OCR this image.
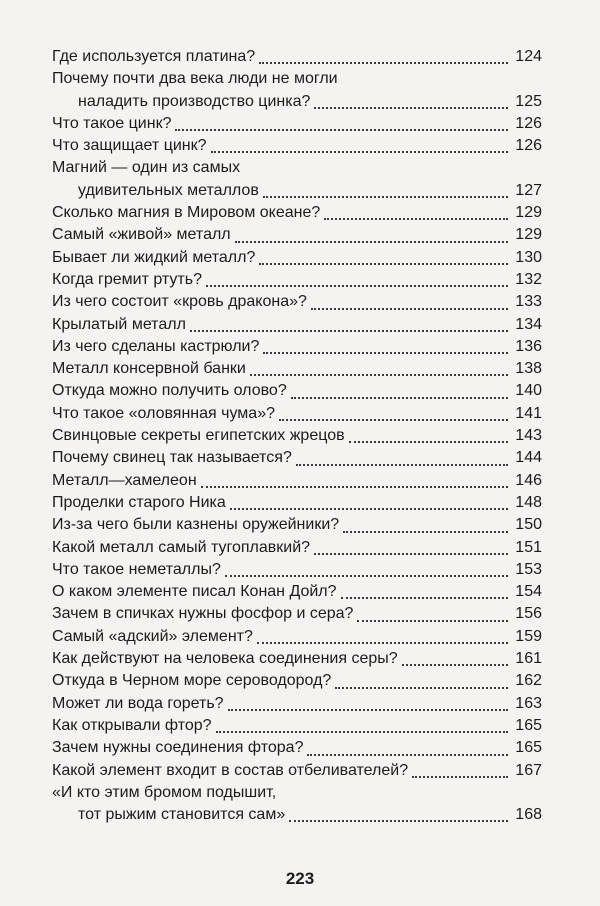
Где используется платина?	124
Почему почти два века люди не могли
наладить производство цинка?	125
Что такое цинк?	126
Что защищает цинк?	126
Магний — один из самых
удивительных металлов	127
Сколько магния в Мировом океане?	129
Самый «живой» металл	129
Бывает ли жидкий металл?	130
Когда гремит ртуть?	132
Из чего состоит «кровь дракона»?	133
Крылатый металл	134
Из чего сделаны кастрюли?	136
Металл консервной банки	138
Откуда можно получить олово?	140
Что такое «оловянная чума»?	141
Свинцовые секреты египетских жрецов	143
Почему свинец так называется?	144
Металл—хамелеон	146
Проделки старого Ника	148
Из-за чего были казнены оружейники?	150
Какой металл самый тугоплавкий?	151
Что такое неметаллы?	153
О каком элементе писал Конан Дойл?	154
Зачем в спичках нужны фосфор и сера?	156
Самый «адский» элемент?	159
Как действуют на человека соединения серы?	161
Откуда в Черном море сероводород?	162
Может ли вода гореть?	163
Как открывали фтор?	165
Зачем нужны соединения фтора?	165
Какой элемент входит в состав отбеливателей?	167
«И кто этим бромом подышит,
тот рыжим становится сам»	168
223
